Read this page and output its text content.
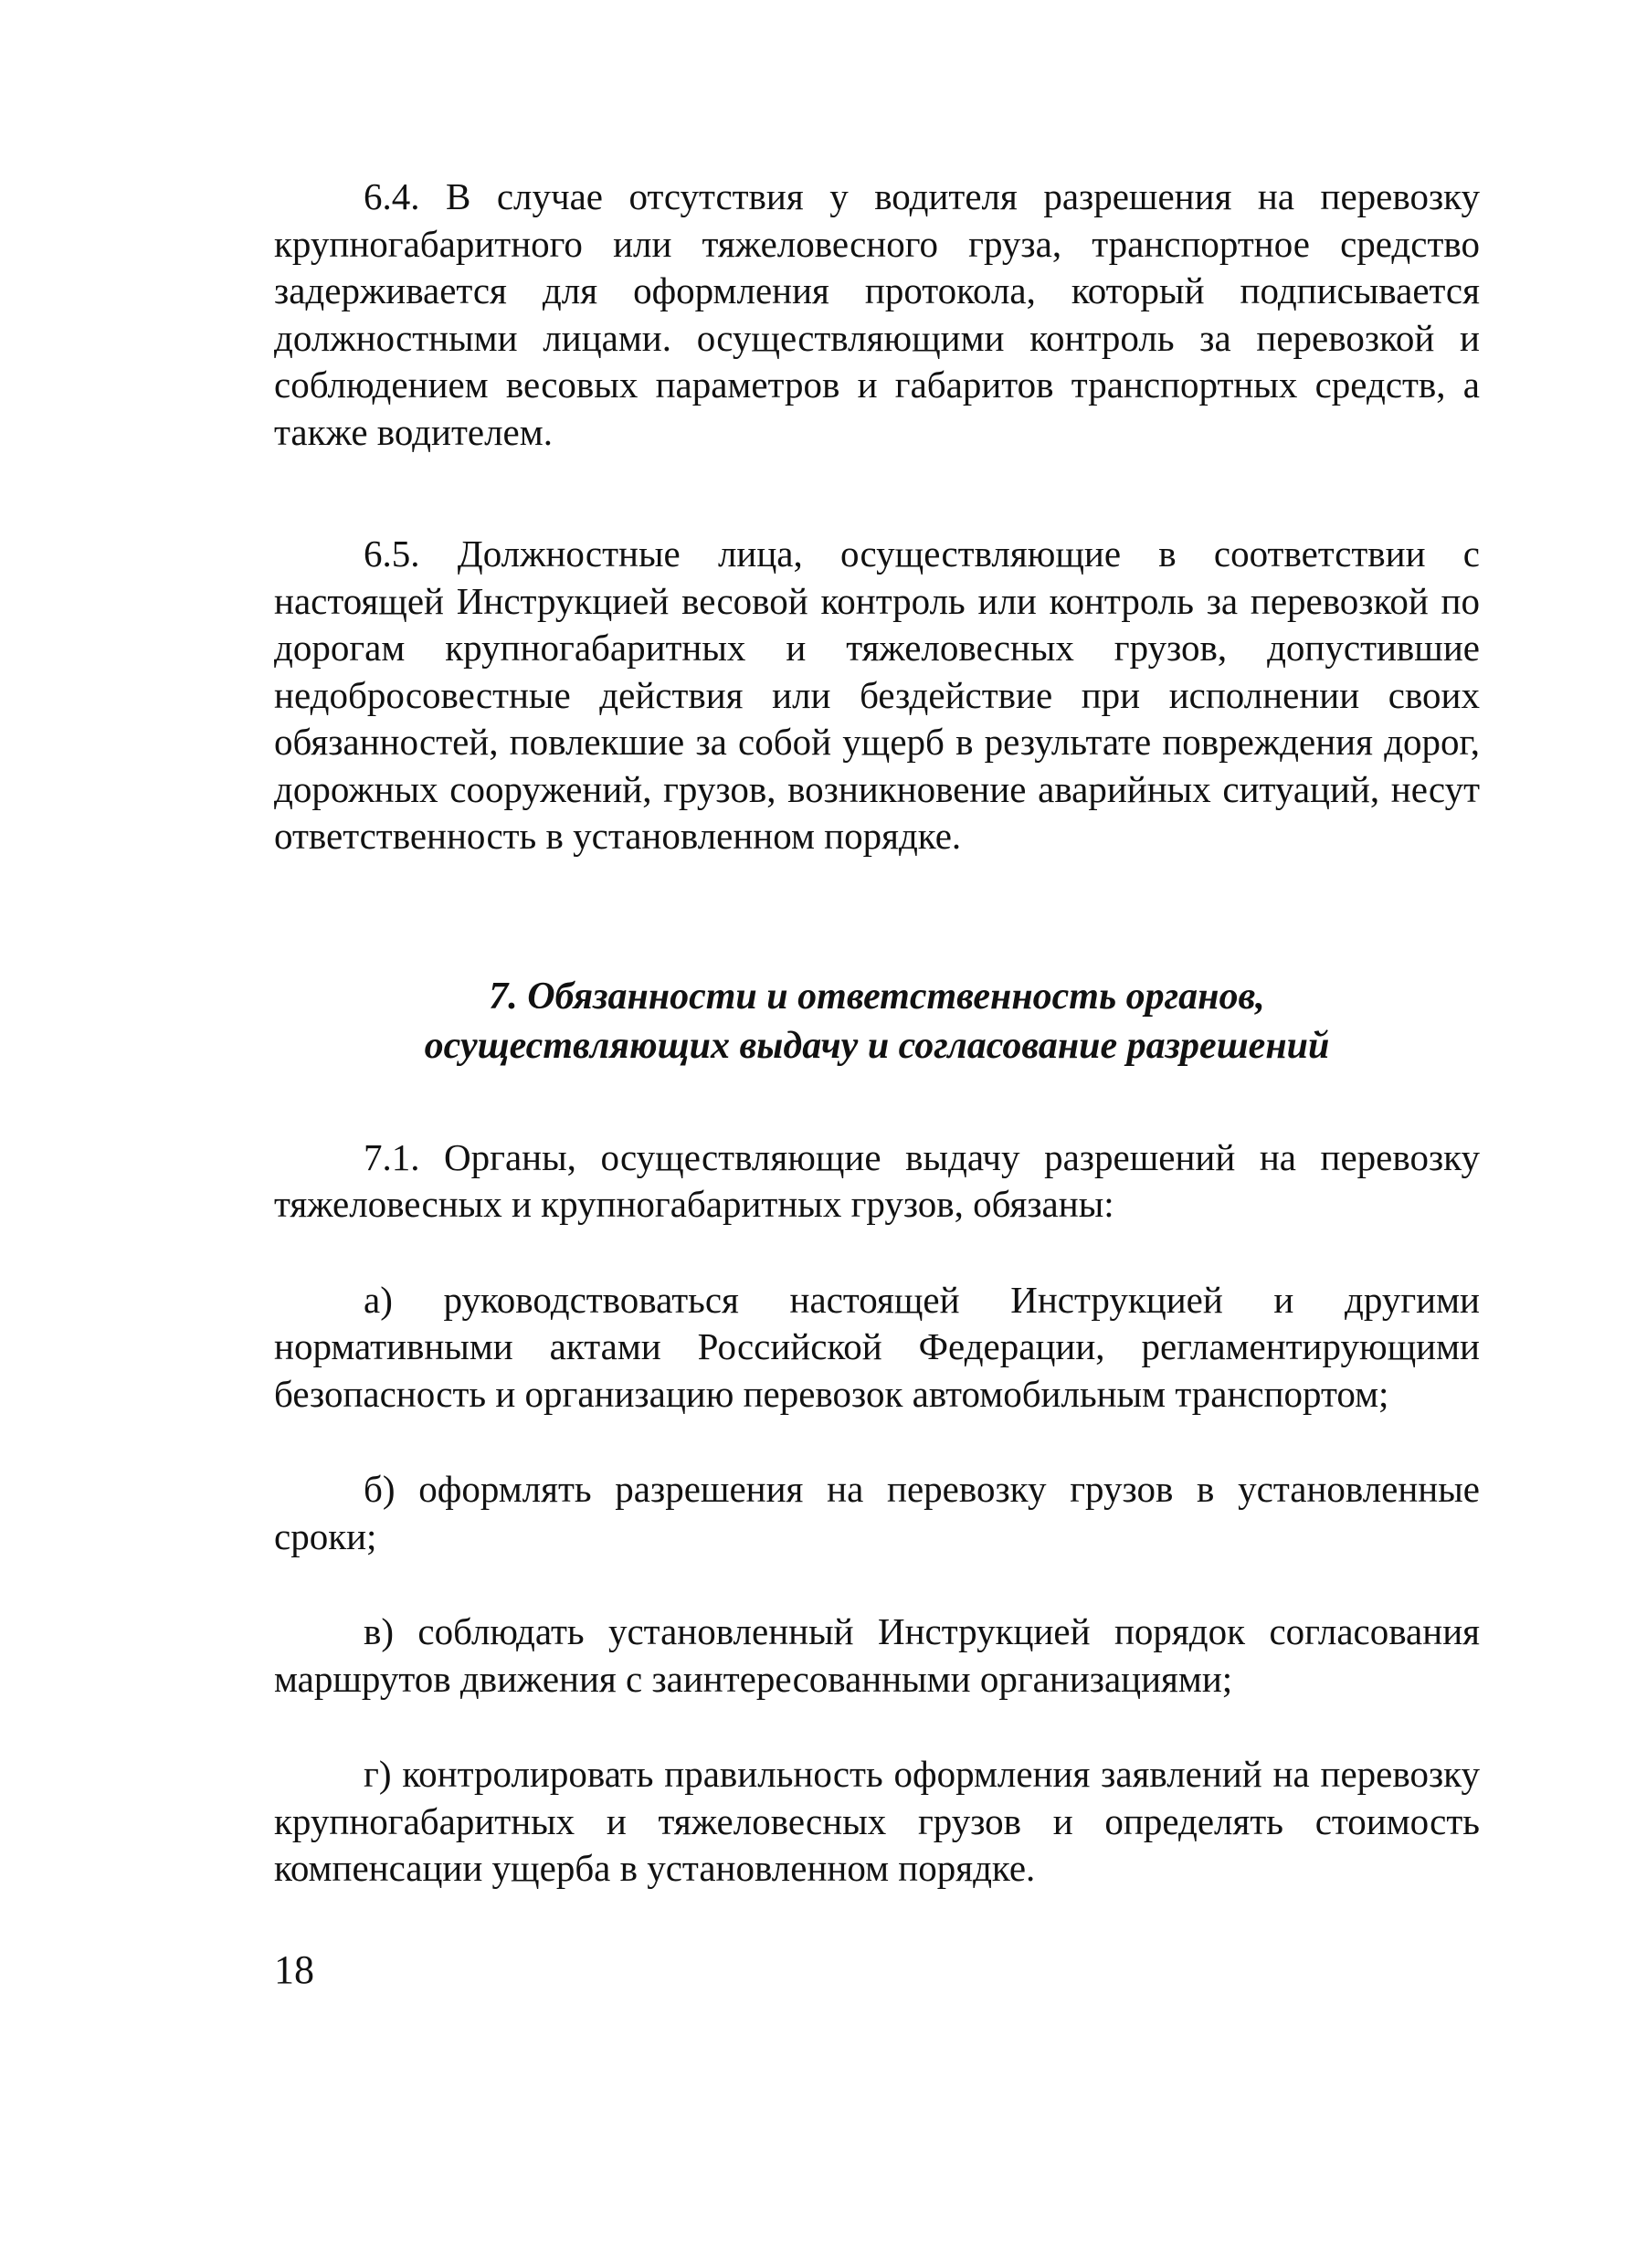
6.4. В случае отсутствия у водителя разрешения на перевозку крупногабаритного или тяжеловесного груза, транспортное средство задерживается для оформления протокола, который подписывается должностными лицами. осуществляющими контроль за перевозкой и соблюдением весовых параметров и габаритов транспортных средств, а также водителем.

6.5. Должностные лица, осуществляющие в соответствии с настоящей Инструкцией весовой контроль или контроль за перевозкой по дорогам крупногабаритных и тяжеловесных грузов, допустившие недобросовестные действия или бездействие при исполнении своих обязанностей, повлекшие за собой ущерб в результате повреждения дорог, дорожных сооружений, грузов, возникновение аварийных ситуаций, несут ответственность в установленном порядке.

7. Обязанности и ответственность органов,
осуществляющих выдачу и согласование разрешений

7.1. Органы, осуществляющие выдачу разрешений на перевозку тяжеловесных и крупногабаритных грузов, обязаны:

а) руководствоваться настоящей Инструкцией и другими нормативными актами Российской Федерации, регламентирующими безопасность и организацию перевозок автомобильным транспортом;

б) оформлять разрешения на перевозку грузов в установленные сроки;

в) соблюдать установленный Инструкцией порядок согласования маршрутов движения с заинтересованными организациями;

г) контролировать правильность оформления заявлений на перевозку крупногабаритных и тяжеловесных грузов и определять стоимость компенсации ущерба в установленном порядке.

18
